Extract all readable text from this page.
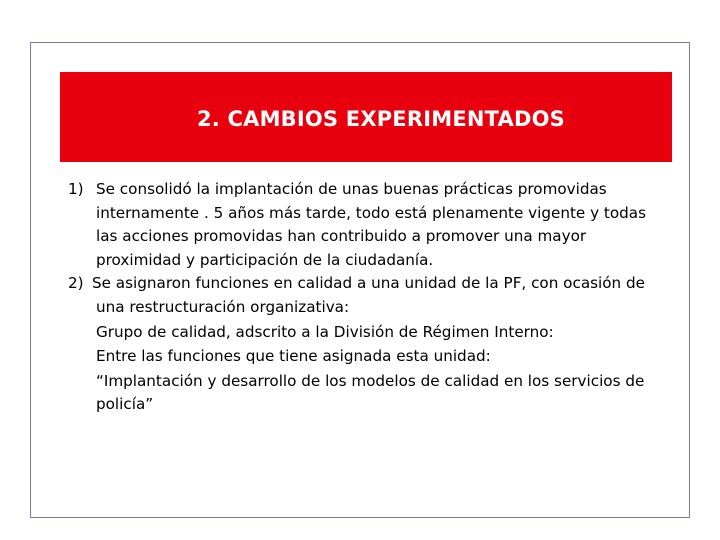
2. CAMBIOS EXPERIMENTADOS

1) Se consolidó la implantación de unas buenas prácticas promovidas internamente . 5 años más tarde, todo está plenamente vigente y todas las acciones promovidas han contribuido a promover una mayor proximidad y participación de la ciudadanía.

2) Se asignaron funciones en calidad a una unidad de la PF, con ocasión de una restructuración organizativa:

Grupo de calidad, adscrito a la División de Régimen Interno:

Entre las funciones que tiene asignada esta unidad:

“Implantación y desarrollo de los modelos de calidad en los servicios de policía”
